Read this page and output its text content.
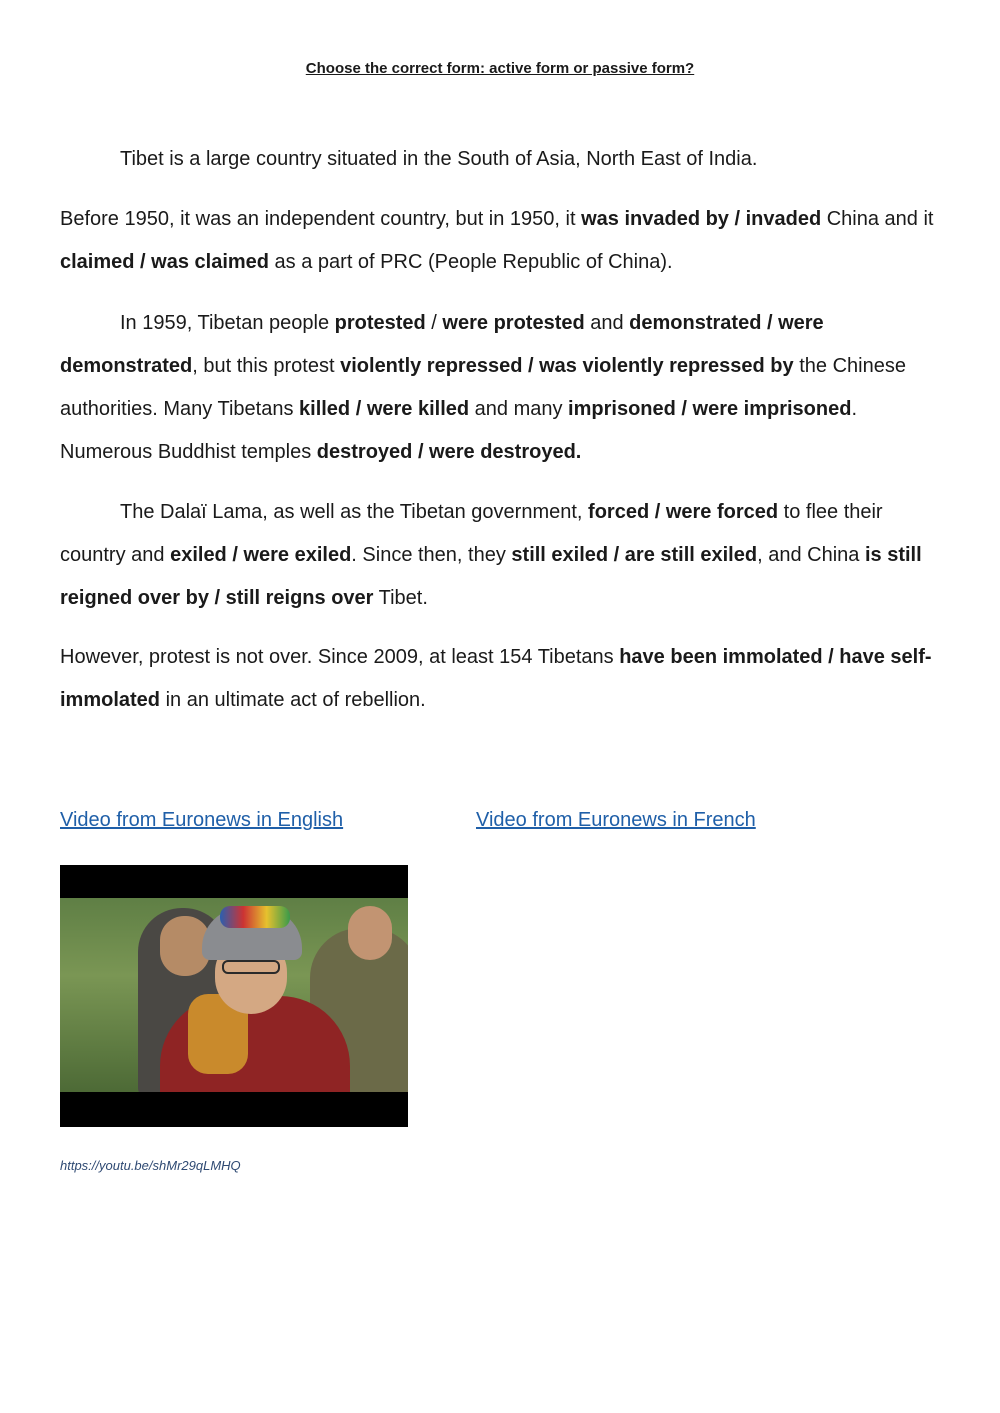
Choose the correct form: active form or passive form?

Tibet is a large country situated in the South of Asia, North East of India.

Before 1950, it was an independent country, but in 1950, it was invaded by / invaded China and it claimed / was claimed as a part of PRC (People Republic of China).

In 1959, Tibetan people protested / were protested and demonstrated / were demonstrated, but this protest violently repressed / was violently repressed by the Chinese authorities. Many Tibetans killed / were killed and many imprisoned / were imprisoned. Numerous Buddhist temples destroyed / were destroyed.

The Dalaï Lama, as well as the Tibetan government, forced / were forced to flee their country and exiled / were exiled. Since then, they still exiled / are still exiled, and China is still reigned over by / still reigns over Tibet.

However, protest is not over. Since 2009, at least 154 Tibetans have been immolated / have self-immolated in an ultimate act of rebellion.

Video from Euronews in English	Video from Euronews in French
https://youtu.be/shMr29qLMHQ
